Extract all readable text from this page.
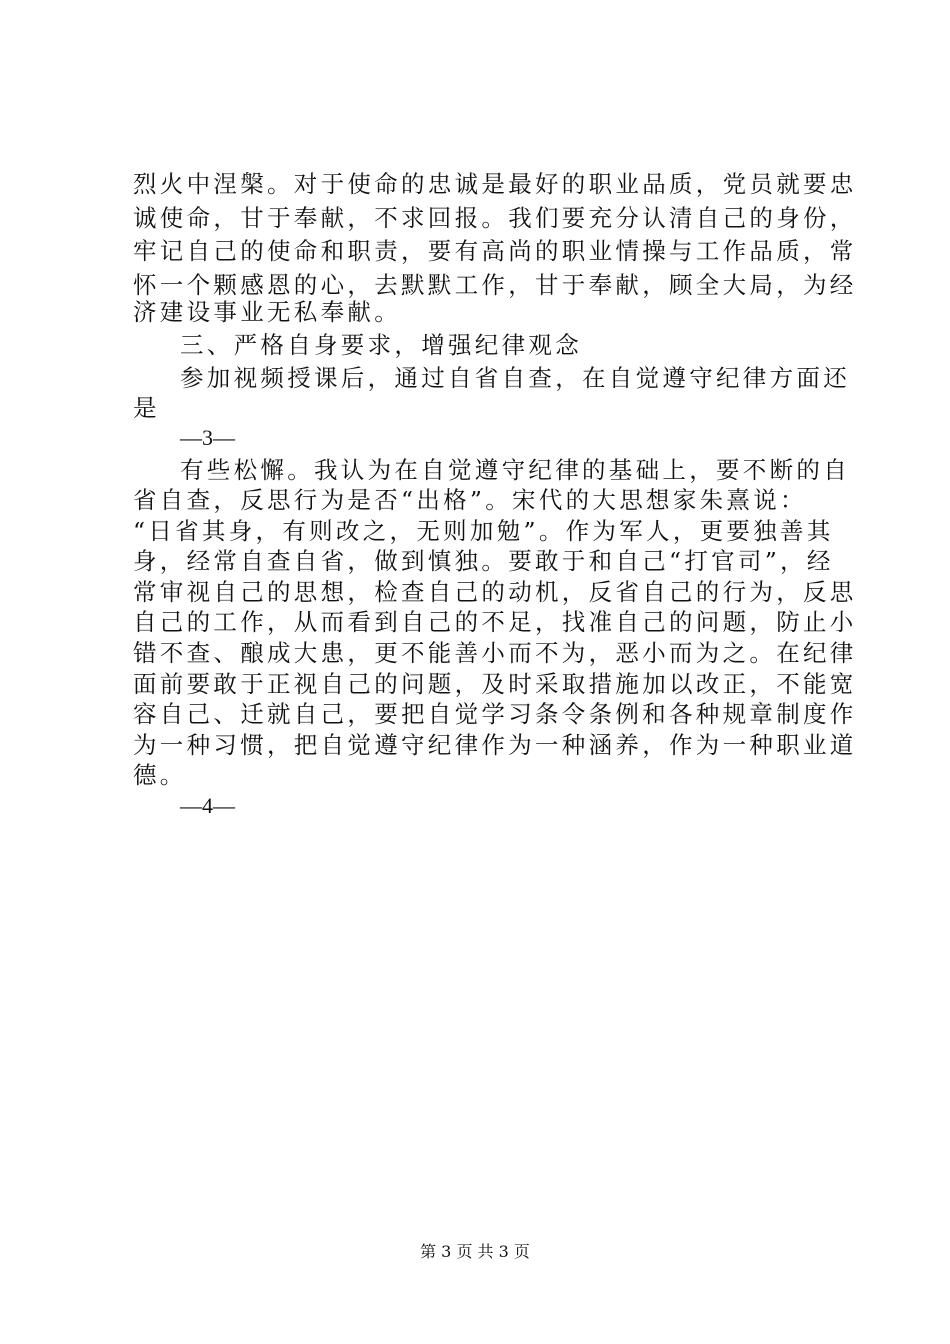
烈火中涅槃。对于使命的忠诚是最好的职业品质，党员就要忠
诚使命，甘于奉献，不求回报。我们要充分认清自己的身份，
牢记自己的使命和职责，要有高尚的职业情操与工作品质，常
怀一个颗感恩的心，去默默工作，甘于奉献，顾全大局，为经
济建设事业无私奉献。
三、严格自身要求，增强纪律观念
参加视频授课后，通过自省自查，在自觉遵守纪律方面还
是
—3—
有些松懈。我认为在自觉遵守纪律的基础上，要不断的自
省自查，反思行为是否“出格”。宋代的大思想家朱熹说：
“日省其身，有则改之，无则加勉”。作为军人，更要独善其
身，经常自查自省，做到慎独。要敢于和自己“打官司”，经
常审视自己的思想，检查自己的动机，反省自己的行为，反思
自己的工作，从而看到自己的不足，找准自己的问题，防止小
错不查、酿成大患，更不能善小而不为，恶小而为之。在纪律
面前要敢于正视自己的问题，及时采取措施加以改正，不能宽
容自己、迁就自己，要把自觉学习条令条例和各种规章制度作
为一种习惯，把自觉遵守纪律作为一种涵养，作为一种职业道
德。
—4—
第 3 页 共 3 页
